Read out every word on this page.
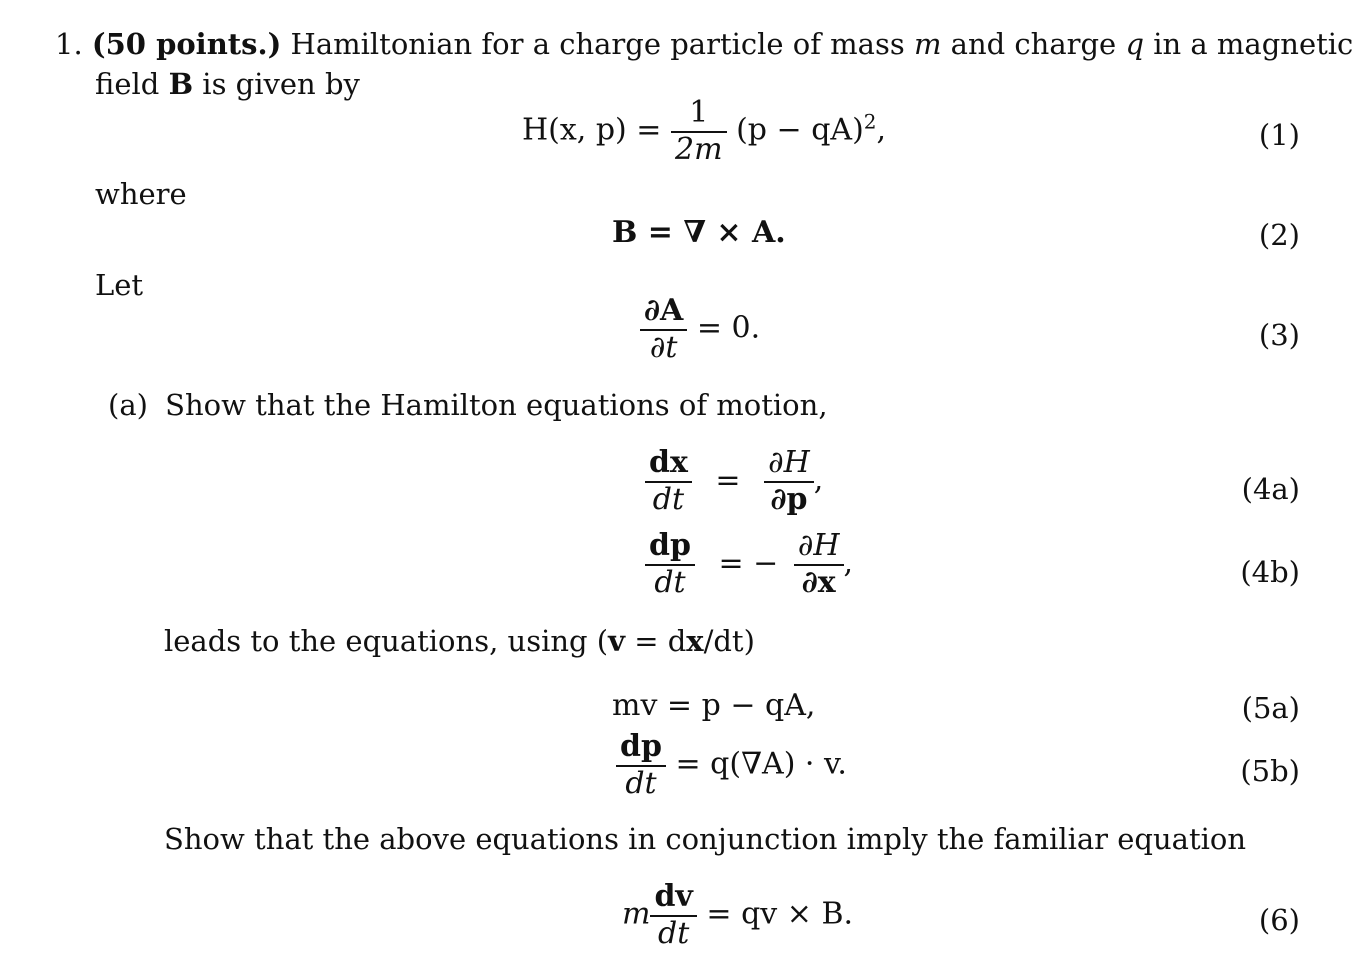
1. (50 points.) Hamiltonian for a charge particle of mass m and charge q in a magnetic
field B is given by
H(x, $p) = \frac{1}{2m} (p - qA)^2$,	(1)
where
B = ∇ × A.	(2)
Let
$\frac{\partial A}{\partial t} = 0$.	(3)
(a) Show that the Hamilton equations of motion,
$\frac{dx}{dt} = \frac{\partial H}{\partial p}$ ,	(4a)
$\frac{dp}{dt}$ = − $\frac{\partial H}{\partial x}$ ,	(4b)
leads to the equations, using (v = dx/dt)
mv = p − qA,	(5a)
$\frac{dp}{dt} = q(\nabla A) \cdot v$.	(5b)
Show that the above equations in conjunction imply the familiar equation
m $\frac{dv}{dt}$ = qv × B.	(6)
